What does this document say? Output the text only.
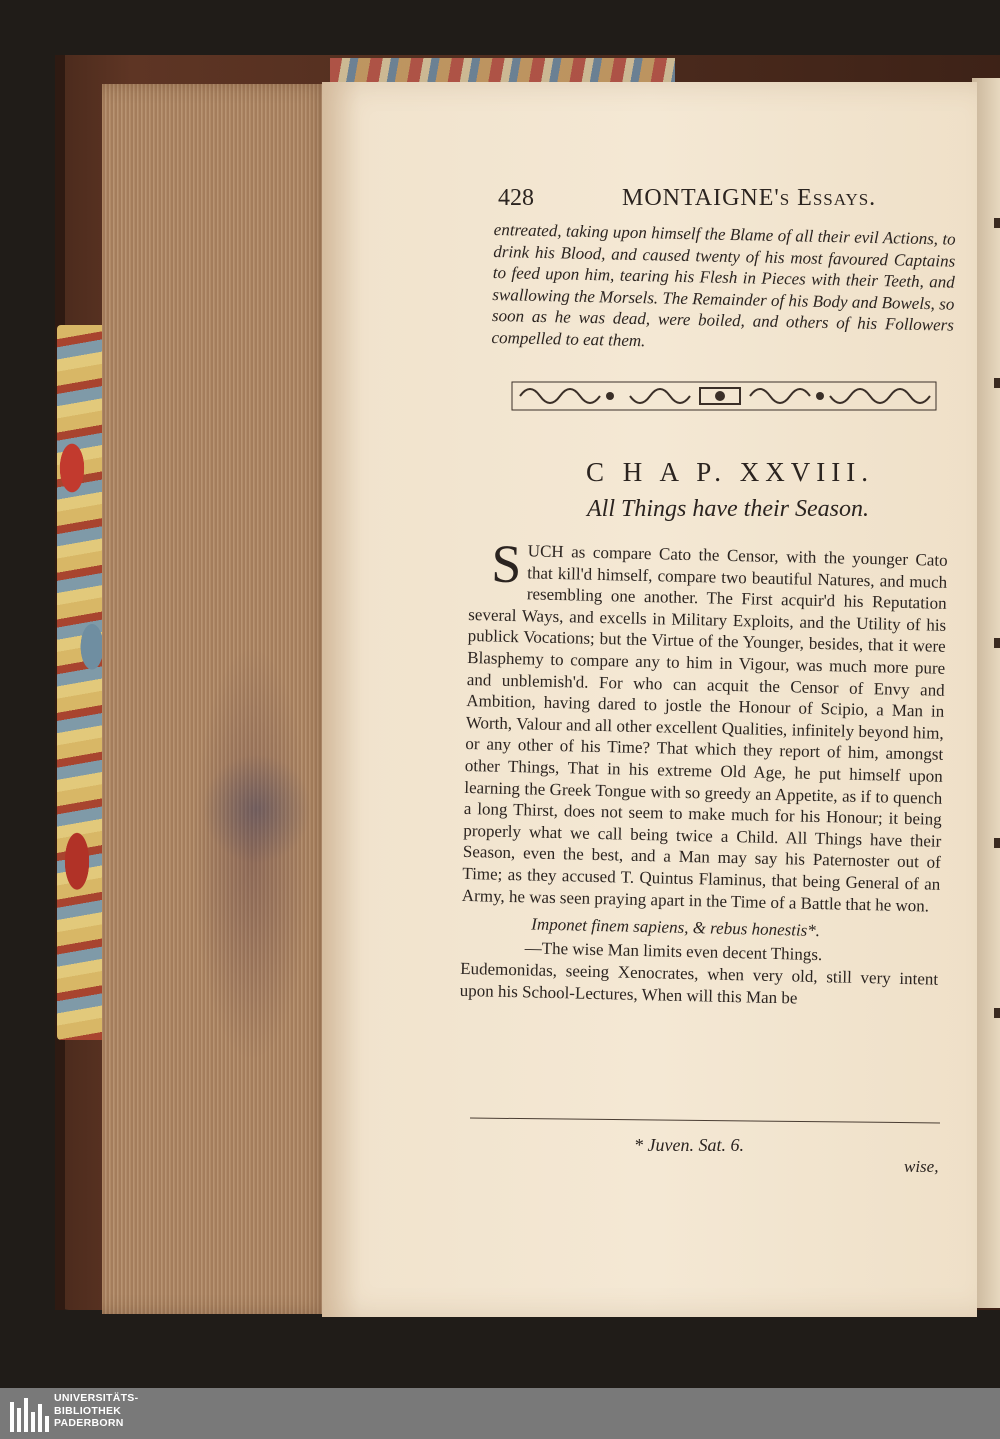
428	MONTAIGNE's Essays.
entreated, taking upon himself the Blame of all their evil Actions, to drink his Blood, and caused twenty of his most favoured Captains to feed upon him, tearing his Flesh in Pieces with their Teeth, and swallowing the Morsels. The Remainder of his Body and Bowels, so soon as he was dead, were boiled, and others of his Followers compelled to eat them.
C H A P. XXVIII.
All Things have their Season.
S UCH as compare Cato the Censor, with the younger Cato that kill'd himself, compare two beautiful Natures, and much resembling one another. The First acquir'd his Reputation several Ways, and excells in Military Exploits, and the Utility of his publick Vocations; but the Virtue of the Younger, besides, that it were Blasphemy to compare any to him in Vigour, was much more pure and unblemish'd. For who can acquit the Censor of Envy and Ambition, having dared to jostle the Honour of Scipio, a Man in Worth, Valour and all other excellent Qualities, infinitely beyond him, or any other of his Time? That which they report of him, amongst other Things, That in his extreme Old Age, he put himself upon learning the Greek Tongue with so greedy an Appetite, as if to quench a long Thirst, does not seem to make much for his Honour; it being properly what we call being twice a Child. All Things have their Season, even the best, and a Man may say his Paternoster out of Time; as they accused T. Quintus Flaminus, that being General of an Army, he was seen praying apart in the Time of a Battle that he won.
Imponet finem sapiens, & rebus honestis*.
—The wise Man limits even decent Things.
Eudemonidas, seeing Xenocrates, when very old, still very intent upon his School-Lectures, When will this Man be
* Juven. Sat. 6.
wise,
UNIVERSITÄTS-
BIBLIOTHEK
PADERBORN
